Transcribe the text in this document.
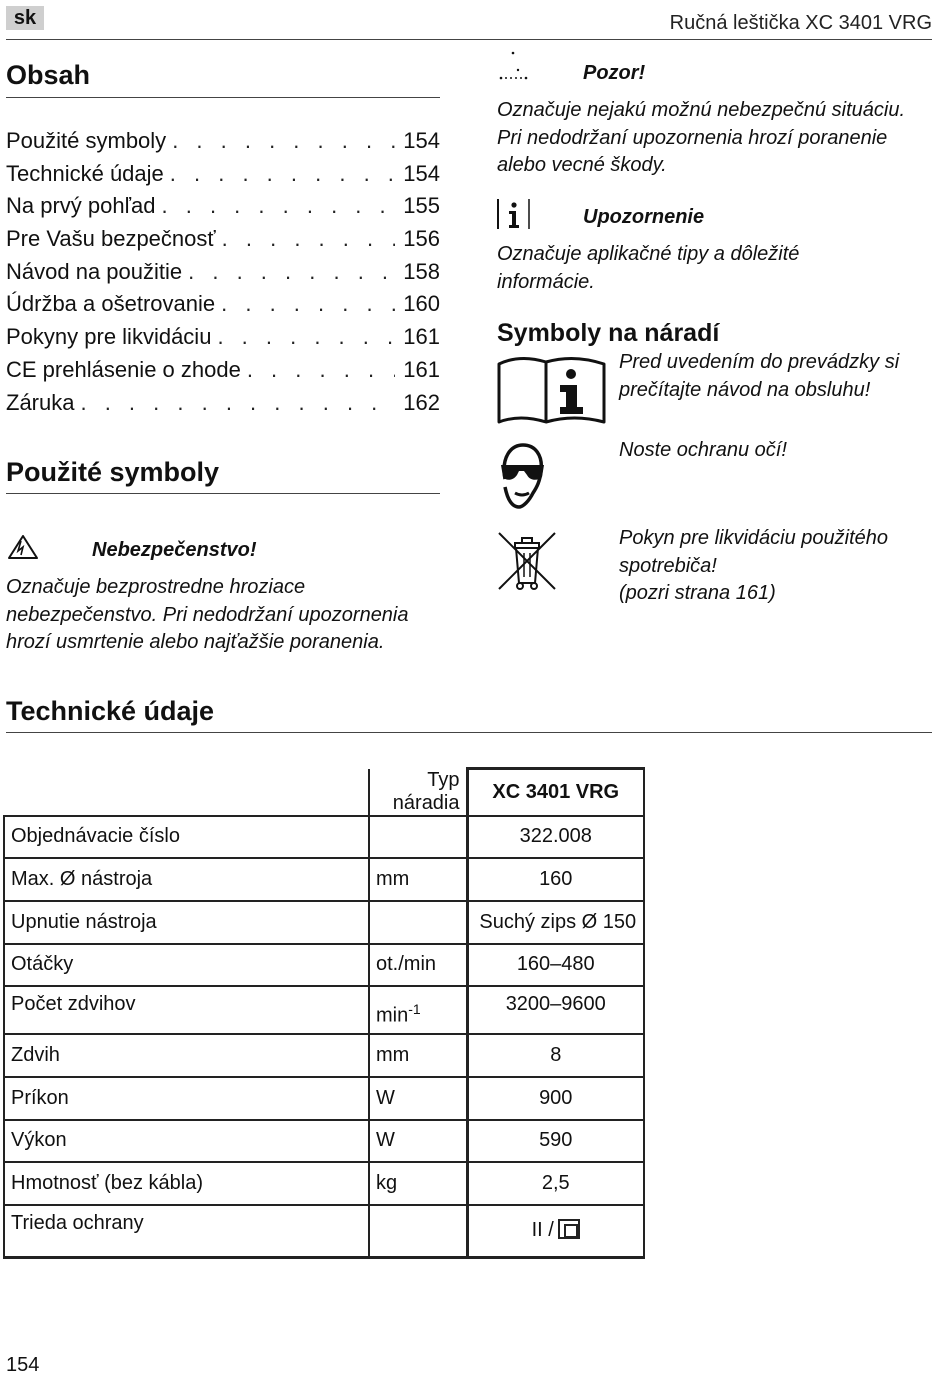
sk	Ručná leštička XC 3401 VRG
Obsah
Použité symboly . . .	154
Technické údaje . . .	154
Na prvý pohľad . . .	155
Pre Vašu bezpečnosť . . .	156
Návod na použitie . . .	158
Údržba a ošetrovanie . . .	160
Pokyny pre likvidáciu . . .	161
CE prehlásenie o zhode . . .	161
Záruka . . .	162
Použité symboly
Nebezpečenstvo!
Označuje bezprostredne hroziace
nebezpečenstvo. Pri nedodržaní upozornenia
hrozí usmrtenie alebo najťažšie poranenia.
Pozor!
Označuje nejakú možnú nebezpečnú situáciu.
Pri nedodržaní upozornenia hrozí poranenie
alebo vecné škody.
Upozornenie
Označuje aplikačné tipy a dôležité
informácie.
Symboly na náradí
Pred uvedením do prevádzky si
prečítajte návod na obsluhu!
Noste ochranu očí!
Pokyn pre likvidáciu použitého
spotrebiča!
(pozri strana 161)
Technické údaje
	Typ náradia	XC 3401 VRG
Objednávacie číslo		322.008
Max. Ø nástroja	mm	160
Upnutie nástroja		Suchý zips Ø 150
Otáčky	ot./min	160–480
Počet zdvihov	$\min^{-1}$	3200–9600
Zdvih	mm	8
Príkon	W	900
Výkon	W	590
Hmotnosť (bez kábla)	kg	2,5
Trieda ochrany		II /
154
